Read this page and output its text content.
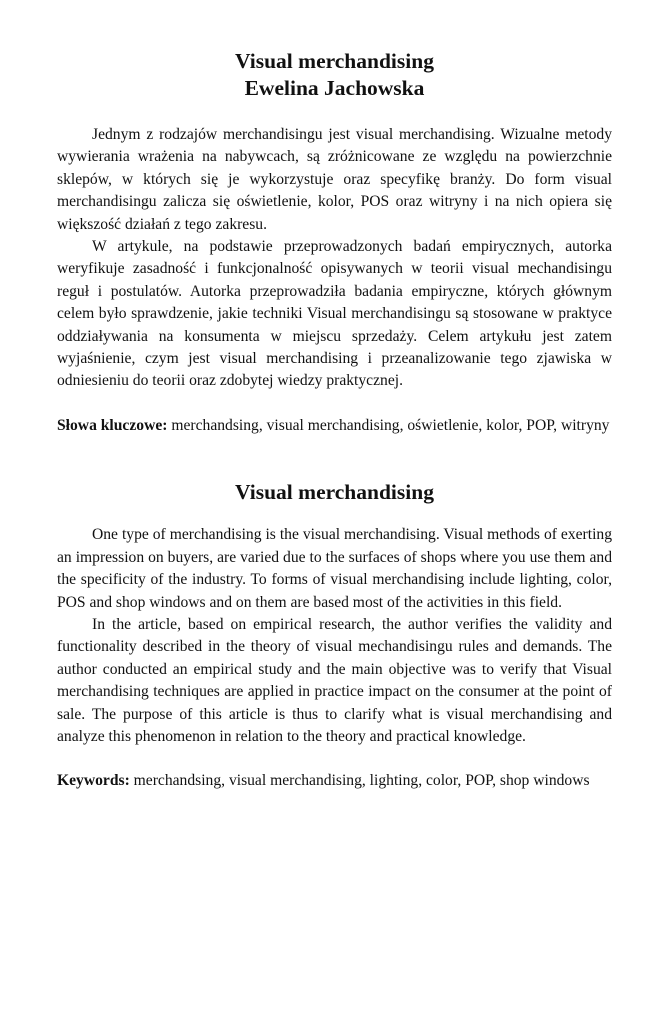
Visual merchandising
Ewelina Jachowska

Jednym z rodzajów merchandisingu jest visual merchandising. Wizualne metody wywierania wrażenia na nabywcach, są zróżnicowane ze względu na powierzchnie sklepów, w których się je wykorzystuje oraz specyfikę branży. Do form visual merchandisingu zalicza się oświetlenie, kolor, POS oraz witryny i na nich opiera się większość działań z tego zakresu.

W artykule, na podstawie przeprowadzonych badań empirycznych, autorka weryfikuje zasadność i funkcjonalność opisywanych w teorii visual mechandisingu reguł i postulatów. Autorka przeprowadziła badania empiryczne, których głównym celem było sprawdzenie, jakie techniki Visual merchandisingu są stosowane w praktyce oddziaływania na konsumenta w miejscu sprzedaży. Celem artykułu jest zatem wyjaśnienie, czym jest visual merchandising i przeanalizowanie tego zjawiska w odniesieniu do teorii oraz zdobytej wiedzy praktycznej.

Słowa kluczowe: merchandsing, visual merchandising, oświetlenie, kolor, POP, witryny

Visual merchandising

One type of merchandising is the visual merchandising. Visual methods of exerting an impression on buyers, are varied due to the surfaces of shops where you use them and the specificity of the industry. To forms of visual merchandising include lighting, color, POS and shop windows and on them are based most of the activities in this field.

In the article, based on empirical research, the author verifies the validity and functionality described in the theory of visual mechandisingu rules and demands. The author conducted an empirical study and the main objective was to verify that Visual merchandising techniques are applied in practice impact on the consumer at the point of sale. The purpose of this article is thus to clarify what is visual merchandising and analyze this phenomenon in relation to the theory and practical knowledge.

Keywords: merchandsing, visual merchandising, lighting, color, POP, shop windows
